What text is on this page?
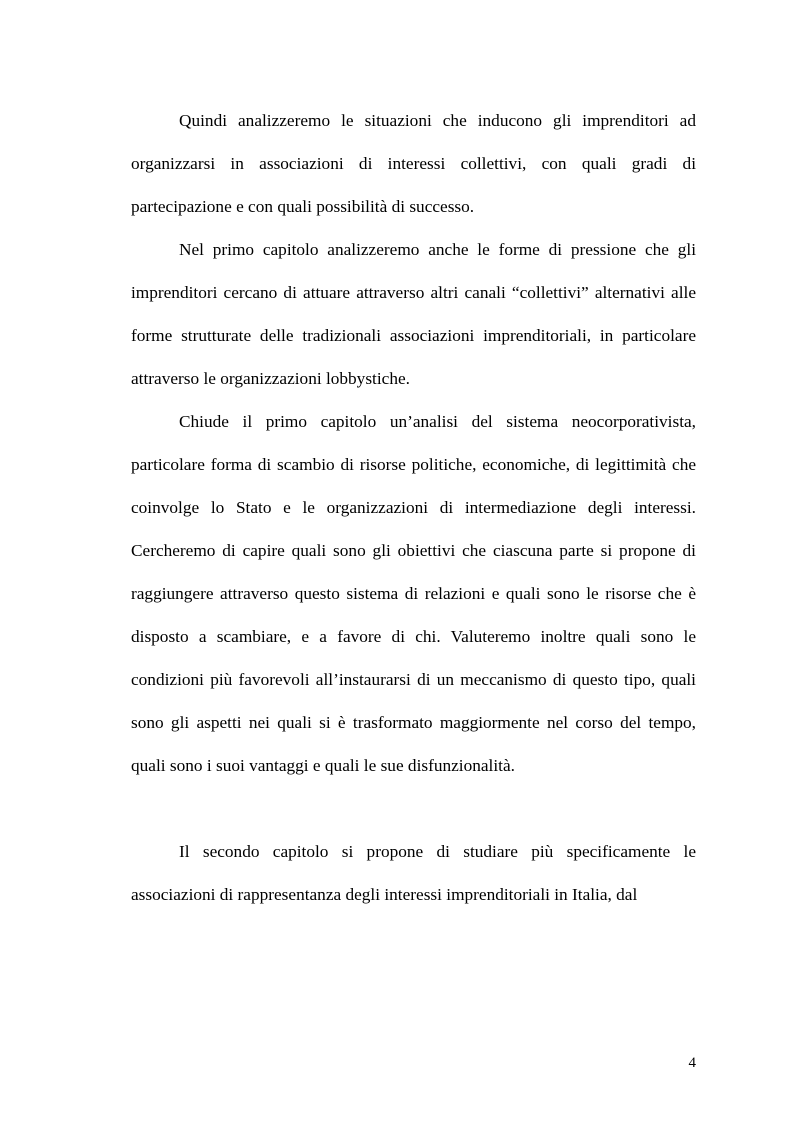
Quindi analizzeremo le situazioni che inducono gli imprenditori ad organizzarsi in associazioni di interessi collettivi, con quali gradi di partecipazione e con quali possibilità di successo.

Nel primo capitolo analizzeremo anche le forme di pressione che gli imprenditori cercano di attuare attraverso altri canali “collettivi” alternativi alle forme strutturate delle tradizionali associazioni imprenditoriali, in particolare attraverso le organizzazioni lobbystiche.

Chiude il primo capitolo un’analisi del sistema neocorporativista, particolare forma di scambio di risorse politiche, economiche, di legittimità che coinvolge lo Stato e le organizzazioni di intermediazione degli interessi. Cercheremo di capire quali sono gli obiettivi che ciascuna parte si propone di raggiungere attraverso questo sistema di relazioni e quali sono le risorse che è disposto a scambiare, e a favore di chi. Valuteremo inoltre quali sono le condizioni più favorevoli all’instaurarsi di un meccanismo di questo tipo, quali sono gli aspetti nei quali si è trasformato maggiormente nel corso del tempo, quali sono i suoi vantaggi e quali le sue disfunzionalità.

Il secondo capitolo si propone di studiare più specificamente le associazioni di rappresentanza degli interessi imprenditoriali in Italia, dal

4
